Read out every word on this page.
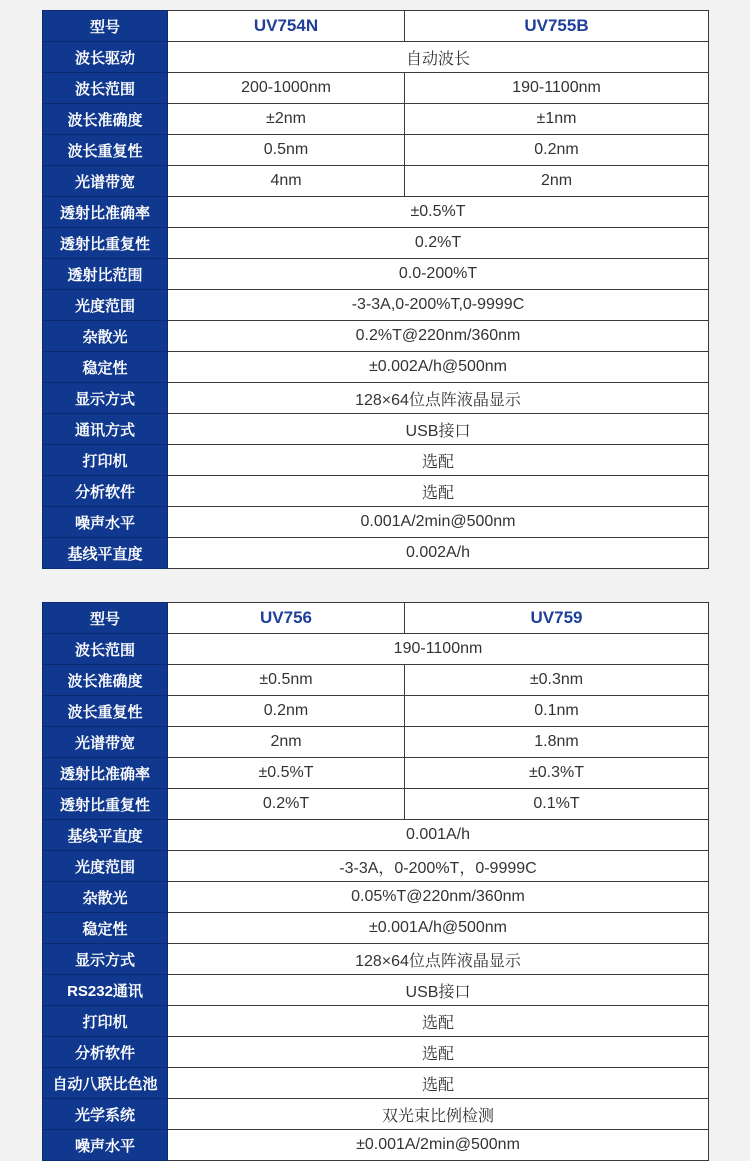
型号	UV754N	UV755B
波长驱动	自动波长	
波长范围	200-1000nm	190-1100nm
波长准确度	±2nm	±1nm
波长重复性	0.5nm	0.2nm
光谱带宽	4nm	2nm
透射比准确率	±0.5%T	
透射比重复性	0.2%T	
透射比范围	0.0-200%T	
光度范围	-3-3A,0-200%T,0-9999C	
杂散光	0.2%T@220nm/360nm	
稳定性	±0.002A/h@500nm	
显示方式	128×64位点阵液晶显示	
通讯方式	USB接口	
打印机	选配	
分析软件	选配	
噪声水平	0.001A/2min@500nm	
基线平直度	0.002A/h	
型号	UV756	UV759
波长范围	190-1100nm	
波长准确度	±0.5nm	±0.3nm
波长重复性	0.2nm	0.1nm
光谱带宽	2nm	1.8nm
透射比准确率	±0.5%T	±0.3%T
透射比重复性	0.2%T	0.1%T
基线平直度	0.001A/h	
光度范围	-3-3A，0-200%T，0-9999C	
杂散光	0.05%T@220nm/360nm	
稳定性	±0.001A/h@500nm	
显示方式	128×64位点阵液晶显示	
RS232通讯	USB接口	
打印机	选配	
分析软件	选配	
自动八联比色池	选配	
光学系统	双光束比例检测	
噪声水平	±0.001A/2min@500nm	
